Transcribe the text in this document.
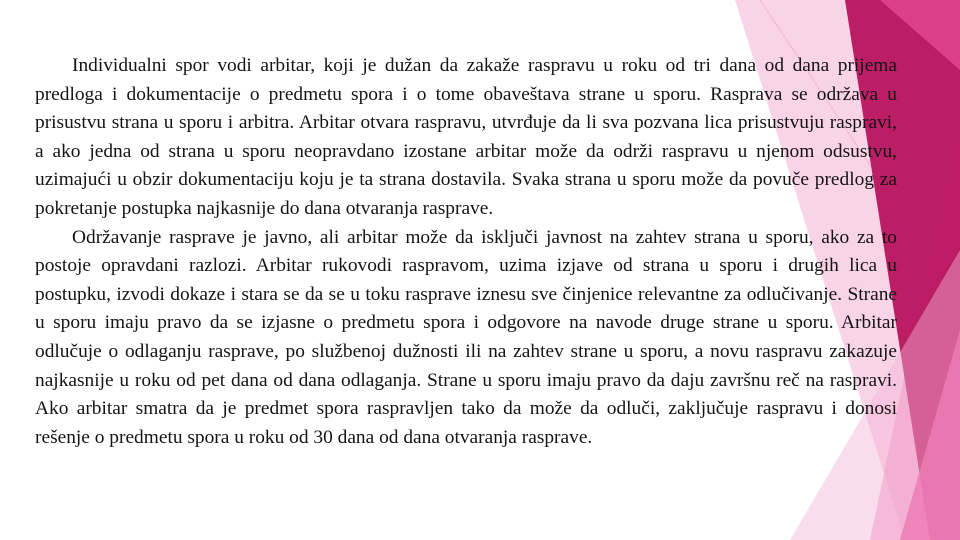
Individualni spor vodi arbitar, koji je dužan da zakaže raspravu u roku od tri dana od dana prijema predloga i dokumentacije o predmetu spora i o tome obaveštava strane u sporu. Rasprava se održava u prisustvu strana u sporu i arbitra. Arbitar otvara raspravu, utvrđuje da li sva pozvana lica prisustvuju raspravi, a ako jedna od strana u sporu neopravdano izostane arbitar može da održi raspravu u njenom odsustvu, uzimajući u obzir dokumentaciju koju je ta strana dostavila. Svaka strana u sporu može da povuče predlog za pokretanje postupka najkasnije do dana otvaranja rasprave.

Održavanje rasprave je javno, ali arbitar može da isključi javnost na zahtev strana u sporu, ako za to postoje opravdani razlozi. Arbitar rukovodi raspravom, uzima izjave od strana u sporu i drugih lica u postupku, izvodi dokaze i stara se da se u toku rasprave iznesu sve činjenice relevantne za odlučivanje. Strane u sporu imaju pravo da se izjasne o predmetu spora i odgovore na navode druge strane u sporu. Arbitar odlučuje o odlaganju rasprave, po službenoj dužnosti ili na zahtev strane u sporu, a novu raspravu zakazuje najkasnije u roku od pet dana od dana odlaganja. Strane u sporu imaju pravo da daju završnu reč na raspravi. Ako arbitar smatra da je predmet spora raspravljen tako da može da odluči, zaključuje raspravu i donosi rešenje o predmetu spora u roku od 30 dana od dana otvaranja rasprave.
